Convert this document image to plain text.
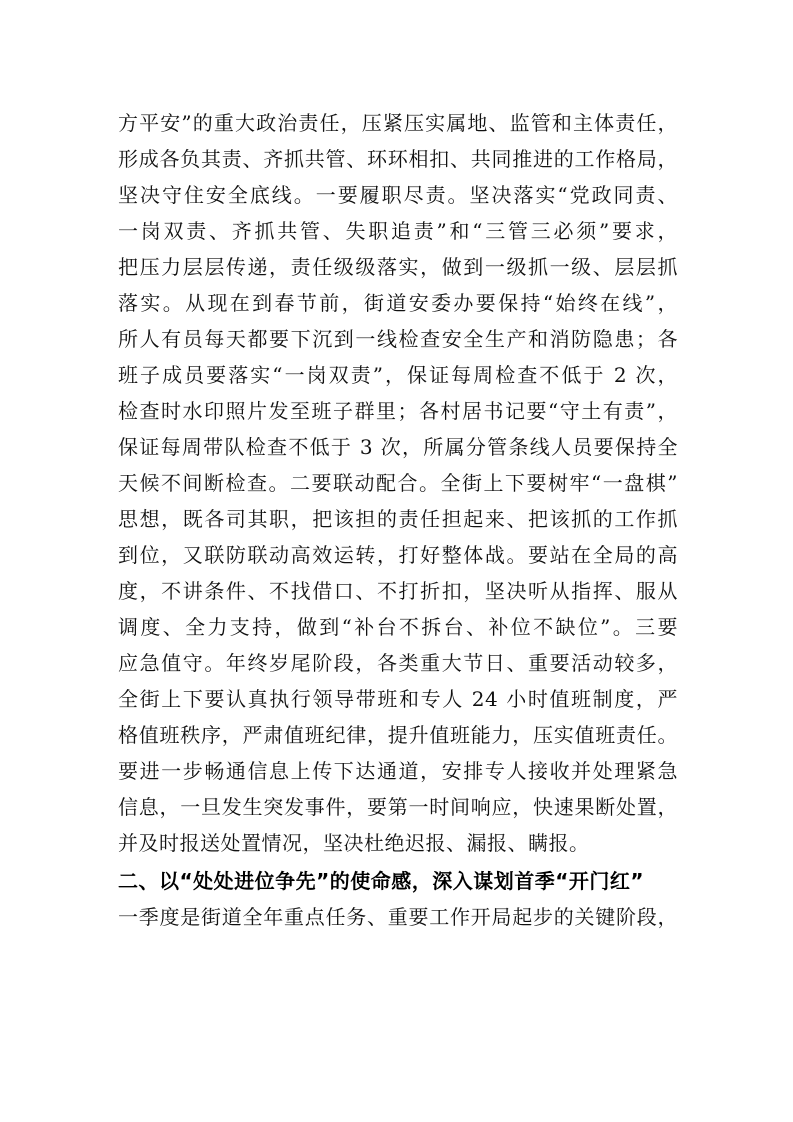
方平安”的重大政治责任，压紧压实属地、监管和主体责任，
形成各负其责、齐抓共管、环环相扣、共同推进的工作格局，
坚决守住安全底线。一要履职尽责。坚决落实“党政同责、
一岗双责、齐抓共管、失职追责”和“三管三必须”要求，
把压力层层传递，责任级级落实，做到一级抓一级、层层抓
落实。从现在到春节前，街道安委办要保持“始终在线”，
所人有员每天都要下沉到一线检查安全生产和消防隐患；各
班子成员要落实“一岗双责”，保证每周检查不低于 2 次，
检查时水印照片发至班子群里；各村居书记要“守土有责”，
保证每周带队检查不低于 3 次，所属分管条线人员要保持全
天候不间断检查。二要联动配合。全街上下要树牢“一盘棋”
思想，既各司其职，把该担的责任担起来、把该抓的工作抓
到位，又联防联动高效运转，打好整体战。要站在全局的高
度，不讲条件、不找借口、不打折扣，坚决听从指挥、服从
调度、全力支持，做到“补台不拆台、补位不缺位”。三要
应急值守。年终岁尾阶段，各类重大节日、重要活动较多，
全街上下要认真执行领导带班和专人 24 小时值班制度，严
格值班秩序，严肃值班纪律，提升值班能力，压实值班责任。
要进一步畅通信息上传下达通道，安排专人接收并处理紧急
信息，一旦发生突发事件，要第一时间响应，快速果断处置，
并及时报送处置情况，坚决杜绝迟报、漏报、瞒报。
二、以“处处进位争先”的使命感，深入谋划首季“开门红”
一季度是街道全年重点任务、重要工作开局起步的关键阶段，
